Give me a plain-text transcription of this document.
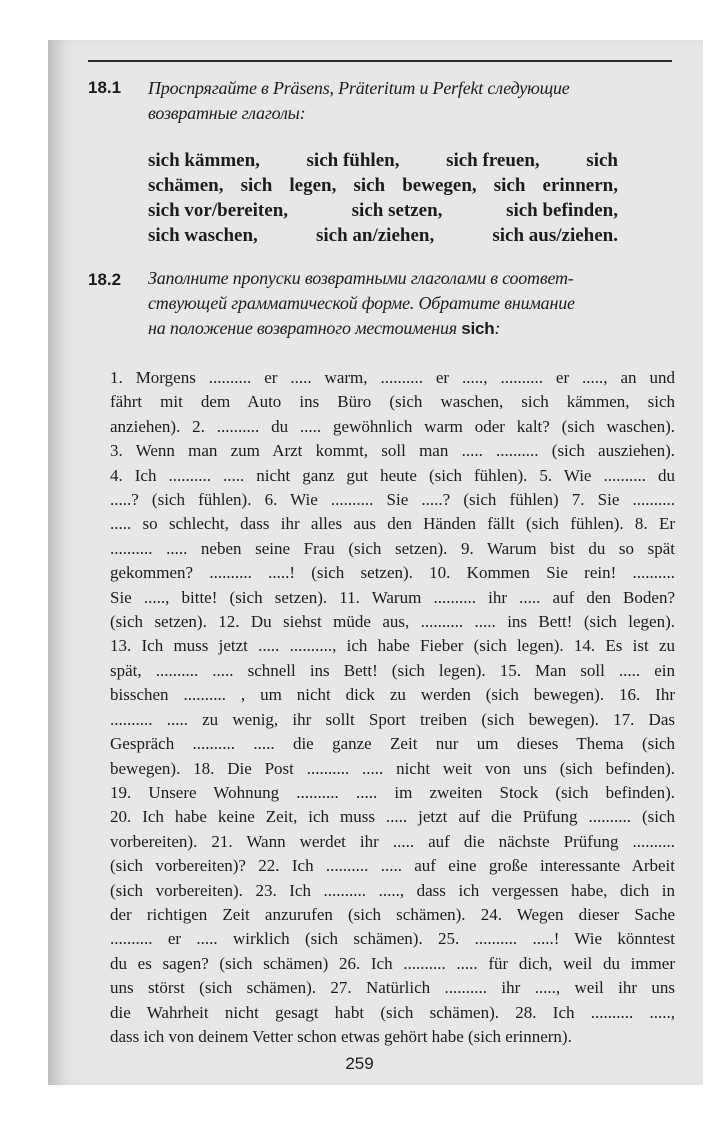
18.1 Проспрягайте в Präsens, Präteritum и Perfekt следующие
возвратные глаголы:

sich kämmen, sich fühlen, sich freuen, sich

schämen, sich legen, sich bewegen, sich erinnern,

sich vor/bereiten,	sich setzen,	sich befinden,

sich waschen,	sich an/ziehen,	sich aus/ziehen.

18.2 Заполните пропуски возвратными глаголами в соответ-
ствующей грамматической форме. Обратите внимание
на положение возвратного местоимения sich:
1. Morgens .......... er ..... warm, .......... er ....., .......... er ....., an und
fährt mit dem Auto ins Büro (sich waschen, sich kämmen, sich
anziehen). 2. .......... du ..... gewöhnlich warm oder kalt? (sich waschen).
3. Wenn man zum Arzt kommt, soll man ..... .......... (sich ausziehen).
4. Ich .......... ..... nicht ganz gut heute (sich fühlen). 5. Wie .......... du
.....? (sich fühlen). 6. Wie .......... Sie .....? (sich fühlen) 7. Sie ..........
..... so schlecht, dass ihr alles aus den Händen fällt (sich fühlen). 8. Er
.......... ..... neben seine Frau (sich setzen). 9. Warum bist du so spät
gekommen? .......... .....! (sich setzen). 10. Kommen Sie rein! ..........
Sie ....., bitte! (sich setzen). 11. Warum .......... ihr ..... auf den Boden?
(sich setzen). 12. Du siehst müde aus, .......... ..... ins Bett! (sich legen).
13. Ich muss jetzt ..... .........., ich habe Fieber (sich legen). 14. Es ist zu
spät, .......... ..... schnell ins Bett! (sich legen). 15. Man soll ..... ein
bisschen .......... , um nicht dick zu werden (sich bewegen). 16. Ihr
.......... ..... zu wenig, ihr sollt Sport treiben (sich bewegen). 17. Das
Gespräch .......... ..... die ganze Zeit nur um dieses Thema (sich
bewegen). 18. Die Post .......... ..... nicht weit von uns (sich befinden).
19. Unsere Wohnung .......... ..... im zweiten Stock (sich befinden).
20. Ich habe keine Zeit, ich muss ..... jetzt auf die Prüfung .......... (sich
vorbereiten). 21. Wann werdet ihr ..... auf die nächste Prüfung ..........
(sich vorbereiten)? 22. Ich .......... ..... auf eine große interessante Arbeit
(sich vorbereiten). 23. Ich .......... ....., dass ich vergessen habe, dich in
der richtigen Zeit anzurufen (sich schämen). 24. Wegen dieser Sache
.......... er ..... wirklich (sich schämen). 25. .......... .....! Wie könntest
du es sagen? (sich schämen) 26. Ich .......... ..... für dich, weil du immer
uns störst (sich schämen). 27. Natürlich .......... ihr ....., weil ihr uns
die Wahrheit nicht gesagt habt (sich schämen). 28. Ich .......... .....,
dass ich von deinem Vetter schon etwas gehört habe (sich erinnern).
259
